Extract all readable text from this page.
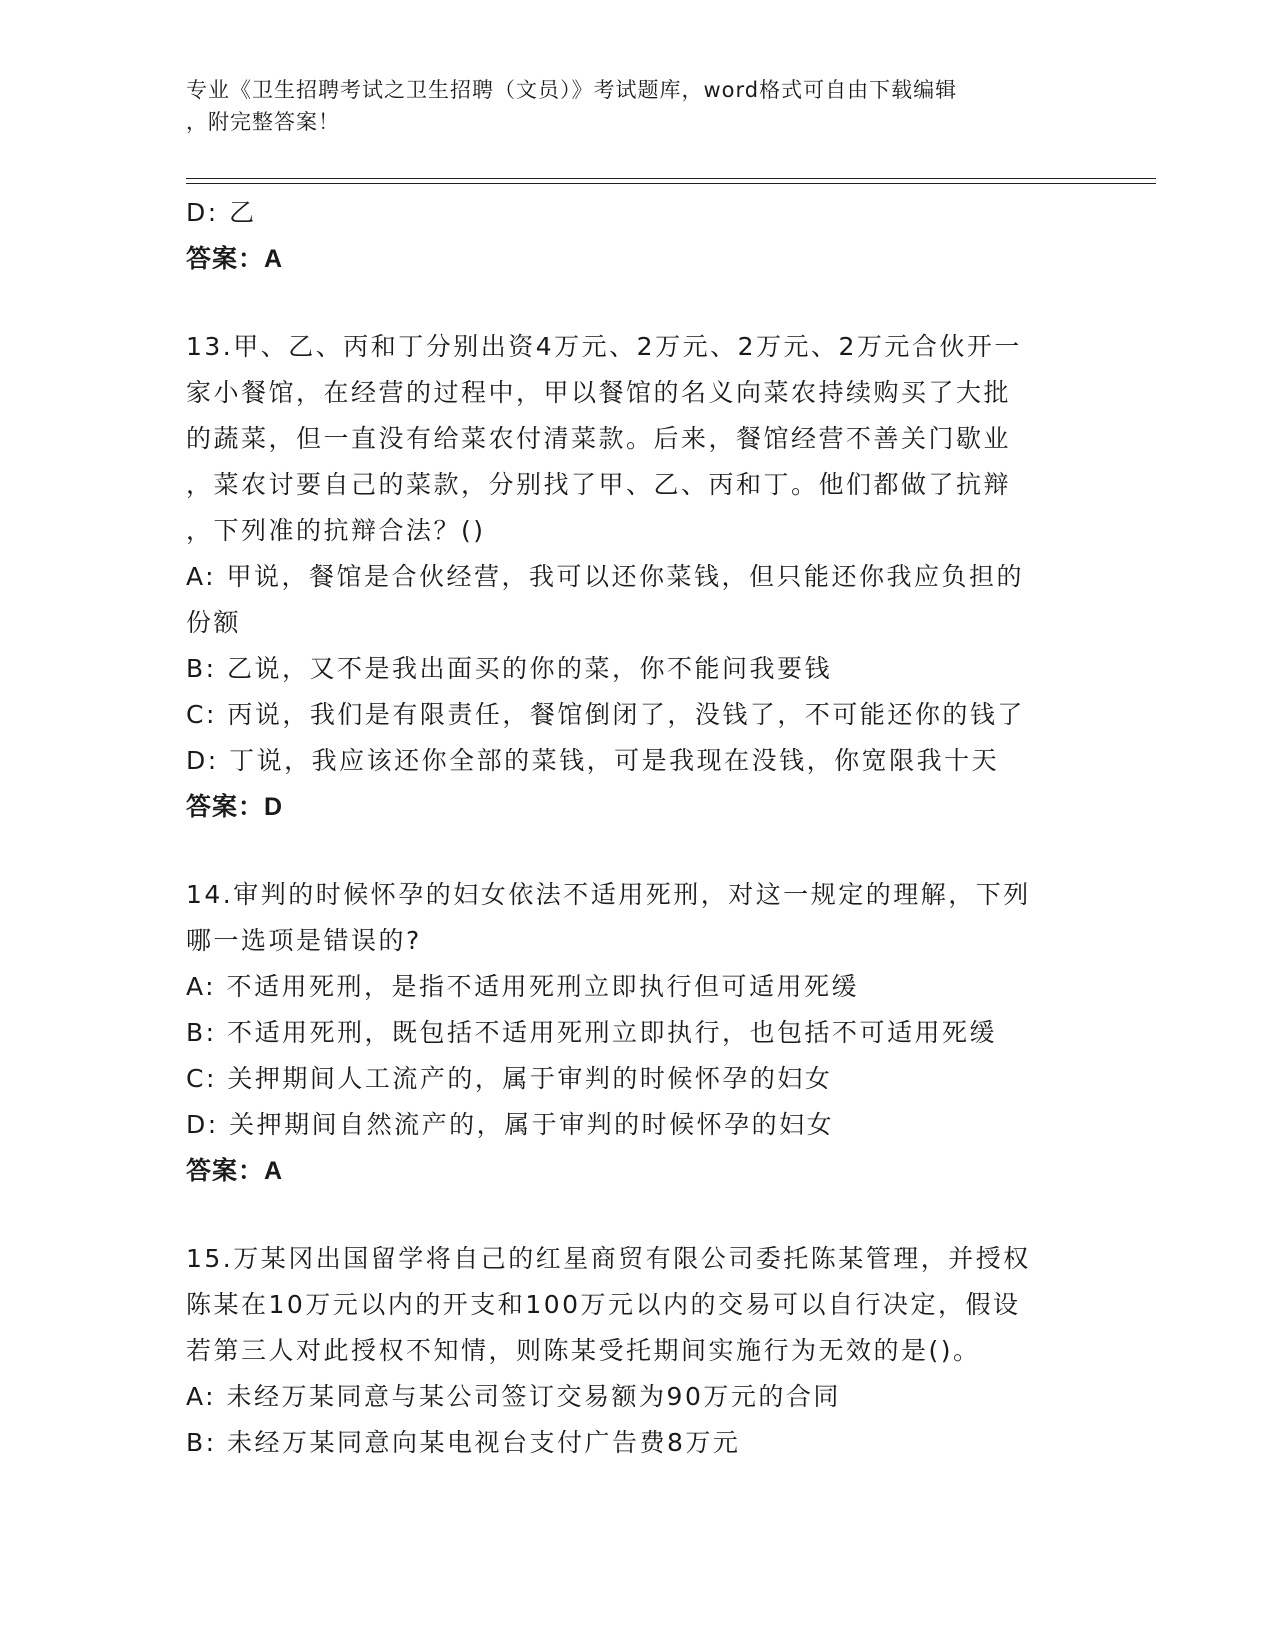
专业《卫生招聘考试之卫生招聘（文员）》考试题库，word格式可自由下载编辑
，附完整答案！
D: 乙
答案：A
13.甲、乙、丙和丁分别出资4万元、2万元、2万元、2万元合伙开一
家小餐馆，在经营的过程中，甲以餐馆的名义向菜农持续购买了大批
的蔬菜，但一直没有给菜农付清菜款。后来，餐馆经营不善关门歇业
，菜农讨要自己的菜款，分别找了甲、乙、丙和丁。他们都做了抗辩
，下列准的抗辩合法？()
A: 甲说，餐馆是合伙经营，我可以还你菜钱，但只能还你我应负担的
份额
B: 乙说，又不是我出面买的你的菜，你不能问我要钱
C: 丙说，我们是有限责任，餐馆倒闭了，没钱了，不可能还你的钱了
D: 丁说，我应该还你全部的菜钱，可是我现在没钱，你宽限我十天
答案：D
14.审判的时候怀孕的妇女依法不适用死刑，对这一规定的理解，下列
哪一选项是错误的?
A: 不适用死刑，是指不适用死刑立即执行但可适用死缓
B: 不适用死刑，既包括不适用死刑立即执行，也包括不可适用死缓
C: 关押期间人工流产的，属于审判的时候怀孕的妇女
D: 关押期间自然流产的，属于审判的时候怀孕的妇女
答案：A
15.万某冈出国留学将自己的红星商贸有限公司委托陈某管理，并授权
陈某在10万元以内的开支和100万元以内的交易可以自行决定，假设
若第三人对此授权不知情，则陈某受托期间实施行为无效的是()。
A: 未经万某同意与某公司签订交易额为90万元的合同
B: 未经万某同意向某电视台支付广告费8万元
